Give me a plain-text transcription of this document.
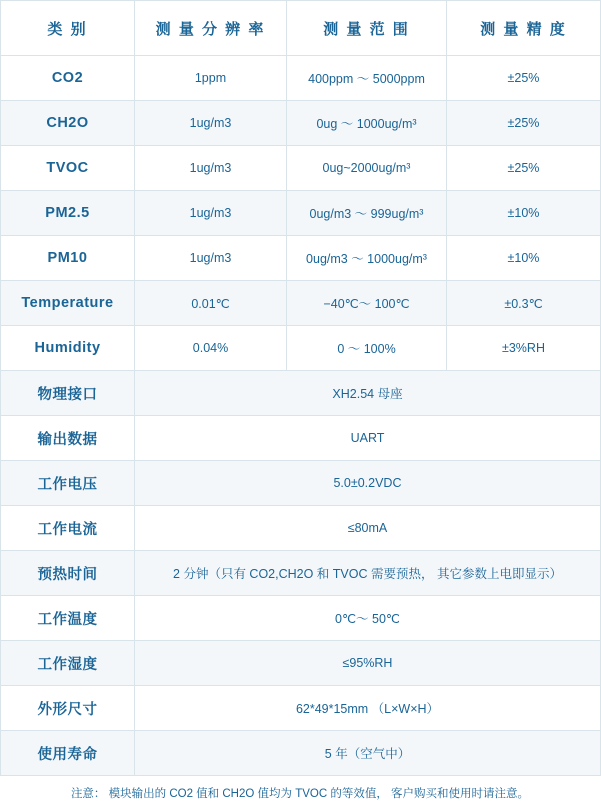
类 别	测 量 分 辨 率	测 量 范 围	测 量 精 度
CO2	1ppm	400ppm ～ 5000ppm	±25%
CH2O	1ug/m3	0ug ～ 1000ug/m³	±25%
TVOC	1ug/m3	0ug~2000ug/m³	±25%
PM2.5	1ug/m3	0ug/m3 ～ 999ug/m³	±10%
PM10	1ug/m3	0ug/m3 ～ 1000ug/m³	±10%
Temperature	0.01℃	−40℃～ 100℃	±0.3℃
Humidity	0.04%	0 ～ 100%	±3%RH
物理接口	XH2.54 母座		
输出数据	UART		
工作电压	5.0±0.2VDC		
工作电流	≤80mA		
预热时间	2 分钟（只有 CO2,CH2O 和 TVOC 需要预热， 其它参数上电即显示）		
工作温度	0℃～ 50℃		
工作湿度	≤95%RH		
外形尺寸	62*49*15mm （L×W×H）		
使用寿命	5 年（空气中）		
注意： 模块输出的 CO2 值和 CH2O 值均为 TVOC 的等效值， 客户购买和使用时请注意。
